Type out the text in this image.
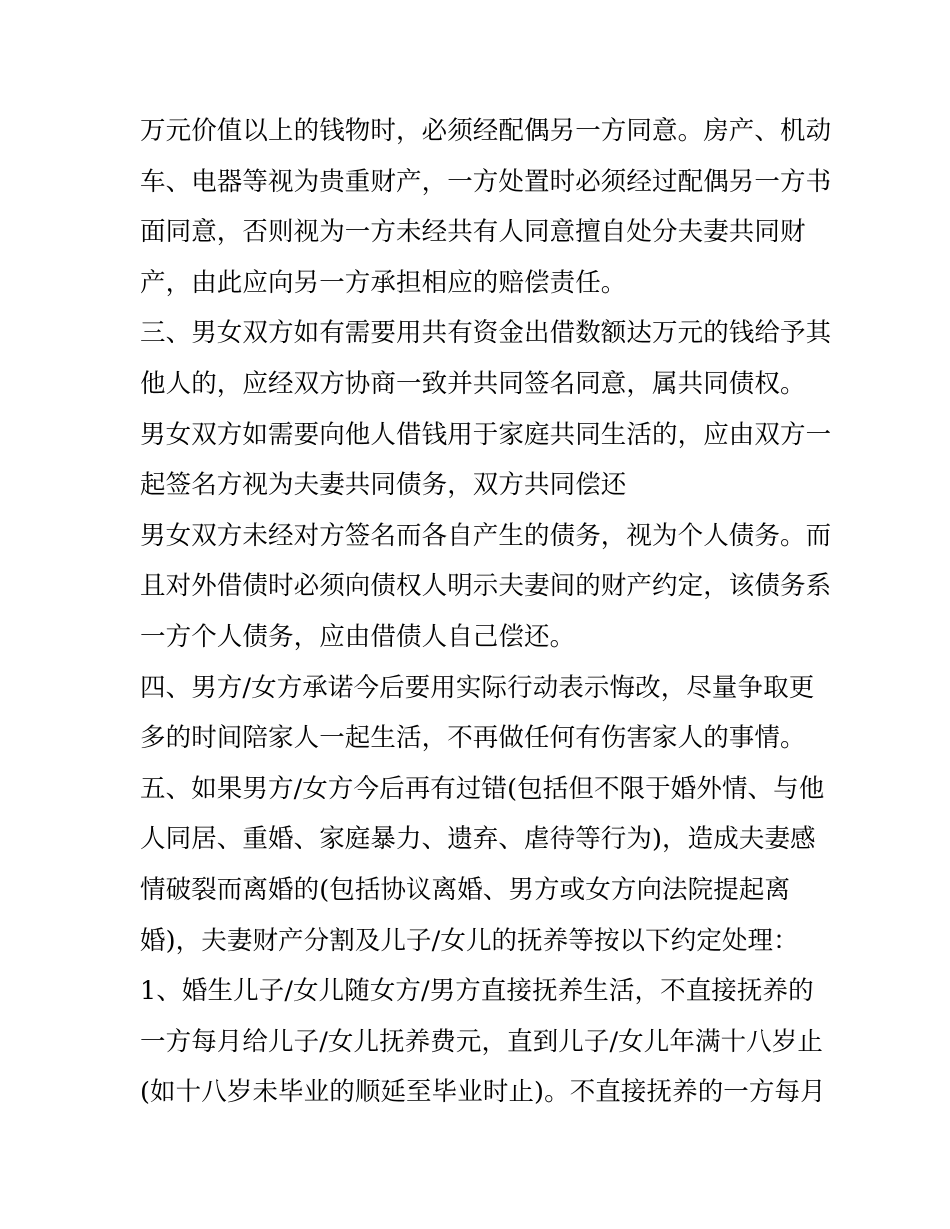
万元价值以上的钱物时，必须经配偶另一方同意。房产、机动
车、电器等视为贵重财产，一方处置时必须经过配偶另一方书
面同意，否则视为一方未经共有人同意擅自处分夫妻共同财
产，由此应向另一方承担相应的赔偿责任。
三、男女双方如有需要用共有资金出借数额达万元的钱给予其
他人的，应经双方协商一致并共同签名同意，属共同债权。
男女双方如需要向他人借钱用于家庭共同生活的，应由双方一
起签名方视为夫妻共同债务，双方共同偿还
男女双方未经对方签名而各自产生的债务，视为个人债务。而
且对外借债时必须向债权人明示夫妻间的财产约定，该债务系
一方个人债务，应由借债人自己偿还。
四、男方/女方承诺今后要用实际行动表示悔改，尽量争取更
多的时间陪家人一起生活，不再做任何有伤害家人的事情。
五、如果男方/女方今后再有过错(包括但不限于婚外情、与他
人同居、重婚、家庭暴力、遗弃、虐待等行为)，造成夫妻感
情破裂而离婚的(包括协议离婚、男方或女方向法院提起离
婚)，夫妻财产分割及儿子/女儿的抚养等按以下约定处理：
1、婚生儿子/女儿随女方/男方直接抚养生活，不直接抚养的
一方每月给儿子/女儿抚养费元，直到儿子/女儿年满十八岁止
(如十八岁未毕业的顺延至毕业时止)。不直接抚养的一方每月
